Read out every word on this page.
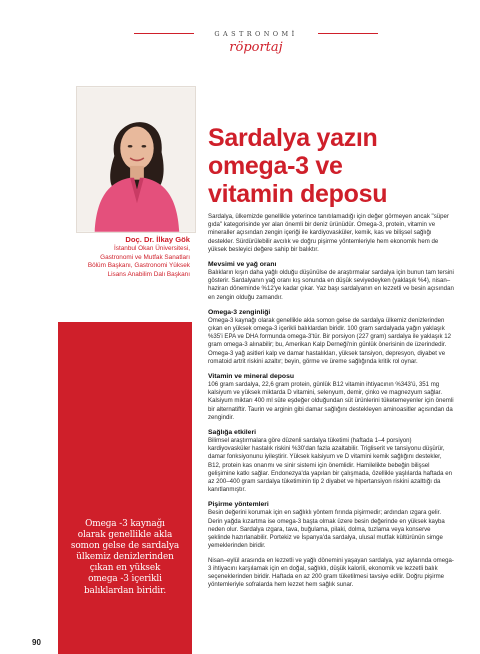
Doç. Dr. İlkay Gök
İstanbul Okan Üniversitesi,
Gastronomi ve Mutfak Sanatları
Bölüm Başkanı, Gastronomi Yüksek
Lisans Anabilim Dalı Başkanı
Omega -3 kaynağı
olarak genellikle akla
somon gelse de sardalya
ülkemiz denizlerinden
çıkan en yüksek
omega -3 içerikli
balıklardan biridir.
90
GASTRONOMİ
röportaj
Sardalya yazın
omega-3 ve
vitamin deposu

Sardalya, ülkemizde genellikle yeterince tanıtılamadığı için değer görmeyen ancak "süper gıda" kategorisinde yer alan önemli bir deniz ürünüdür. Omega-3, protein, vitamin ve mineraller açısından zengin içeriği ile kardiyovasküler, kemik, kas ve bilişsel sağlığı destekler. Sürdürülebilir avcılık ve doğru pişirme yöntemleriyle hem ekonomik hem de yüksek besleyici değere sahip bir balıktır.

Mevsimi ve yağ oranı

Balıkların kışın daha yağlı olduğu düşünülse de araştırmalar sardalya için bunun tam tersini gösterir. Sardalyanın yağ oranı kış sonunda en düşük seviyedeyken (yaklaşık %4), nisan–haziran döneminde %12'ye kadar çıkar. Yaz başı sardalyanın en lezzetli ve besin açısından en zengin olduğu zamandır.

Omega-3 zenginliği

Omega-3 kaynağı olarak genellikle akla somon gelse de sardalya ülkemiz denizlerinden çıkan en yüksek omega-3 içerikli balıklardan biridir. 100 gram sardalyada yağın yaklaşık %35'i EPA ve DHA formunda omega-3'tür. Bir porsiyon (227 gram) sardalya ile yaklaşık 12 gram omega-3 alınabilir; bu, Amerikan Kalp Derneği'nin günlük önerisinin de üzerindedir. Omega-3 yağ asitleri kalp ve damar hastalıkları, yüksek tansiyon, depresyon, diyabet ve romatoid artrit riskini azaltır; beyin, görme ve üreme sağlığında kritik rol oynar.

Vitamin ve mineral deposu

106 gram sardalya, 22,6 gram protein, günlük B12 vitamin ihtiyacının %343'ü, 351 mg kalsiyum ve yüksek miktarda D vitamini, selenyum, demir, çinko ve magnezyum sağlar. Kalsiyum miktarı 400 ml süte eşdeğer olduğundan süt ürünlerini tüketemeyenler için önemli bir alternatiftir. Taurin ve arginin gibi damar sağlığını destekleyen aminoasitler açısından da zengindir.

Sağlığa etkileri

Bilimsel araştırmalara göre düzenli sardalya tüketimi (haftada 1–4 porsiyon) kardiyovasküler hastalık riskini %30'dan fazla azaltabilir. Trigliserit ve tansiyonu düşürür, damar fonksiyonunu iyileştirir. Yüksek kalsiyum ve D vitamini kemik sağlığını destekler, B12, protein kas onarımı ve sinir sistemi için önemlidir. Hamilelikte bebeğin bilişsel gelişimine katkı sağlar. Endonezya'da yapılan bir çalışmada, özellikle yaşlılarda haftada en az 200–400 gram sardalya tüketiminin tip 2 diyabet ve hipertansiyon riskini azalttığı da kanıtlanmıştır.

Pişirme yöntemleri

Besin değerini korumak için en sağlıklı yöntem fırında pişirmedir; ardından ızgara gelir. Derin yağda kızartma ise omega-3 başta olmak üzere besin değerinde en yüksek kayba neden olur. Sardalya ızgara, tava, buğulama, pilaki, dolma, tuzlama veya konserve şeklinde hazırlanabilir. Portekiz ve İspanya'da sardalya, ulusal mutfak kültürünün simge yemeklerinden biridir.

Nisan–eylül arasında en lezzetli ve yağlı dönemini yaşayan sardalya, yaz aylarında omega-3 ihtiyacını karşılamak için en doğal, sağlıklı, düşük kalorili, ekonomik ve lezzetli balık seçeneklerinden biridir. Haftada en az 200 gram tüketilmesi tavsiye edilir. Doğru pişirme yöntemleriyle sofralarda hem lezzet hem sağlık sunar.
